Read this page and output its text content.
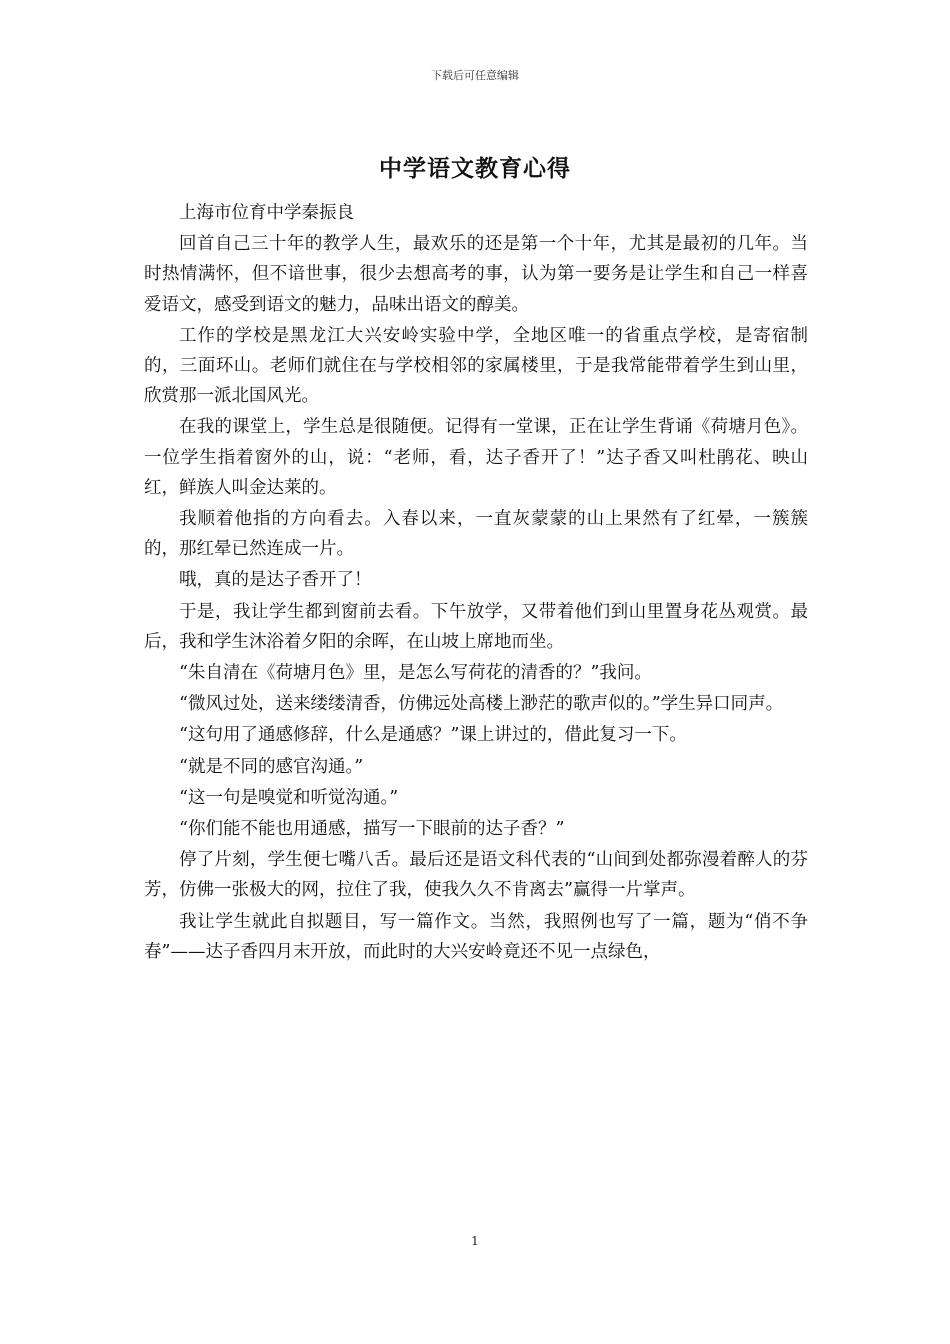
下载后可任意编辑
中学语文教育心得

上海市位育中学秦振良

回首自己三十年的教学人生，最欢乐的还是第一个十年，尤其是最初的几年。当时热情满怀，但不谙世事，很少去想高考的事，认为第一要务是让学生和自己一样喜爱语文，感受到语文的魅力，品味出语文的醇美。

工作的学校是黑龙江大兴安岭实验中学，全地区唯一的省重点学校，是寄宿制的，三面环山。老师们就住在与学校相邻的家属楼里，于是我常能带着学生到山里，欣赏那一派北国风光。

在我的课堂上，学生总是很随便。记得有一堂课，正在让学生背诵《荷塘月色》。一位学生指着窗外的山，说：“老师，看，达子香开了！”达子香又叫杜鹃花、映山红，鲜族人叫金达莱的。

我顺着他指的方向看去。入春以来，一直灰蒙蒙的山上果然有了红晕，一簇簇的，那红晕已然连成一片。

哦，真的是达子香开了！

于是，我让学生都到窗前去看。下午放学，又带着他们到山里置身花丛观赏。最后，我和学生沐浴着夕阳的余晖，在山坡上席地而坐。

“朱自清在《荷塘月色》里，是怎么写荷花的清香的？”我问。

“微风过处，送来缕缕清香，仿佛远处高楼上渺茫的歌声似的。”学生异口同声。

“这句用了通感修辞，什么是通感？”课上讲过的，借此复习一下。

“就是不同的感官沟通。”

“这一句是嗅觉和听觉沟通。”

“你们能不能也用通感，描写一下眼前的达子香？”

停了片刻，学生便七嘴八舌。最后还是语文科代表的“山间到处都弥漫着醉人的芬芳，仿佛一张极大的网，拉住了我，使我久久不肯离去”赢得一片掌声。

我让学生就此自拟题目，写一篇作文。当然，我照例也写了一篇，题为“俏不争春”——达子香四月末开放，而此时的大兴安岭竟还不见一点绿色，

1
